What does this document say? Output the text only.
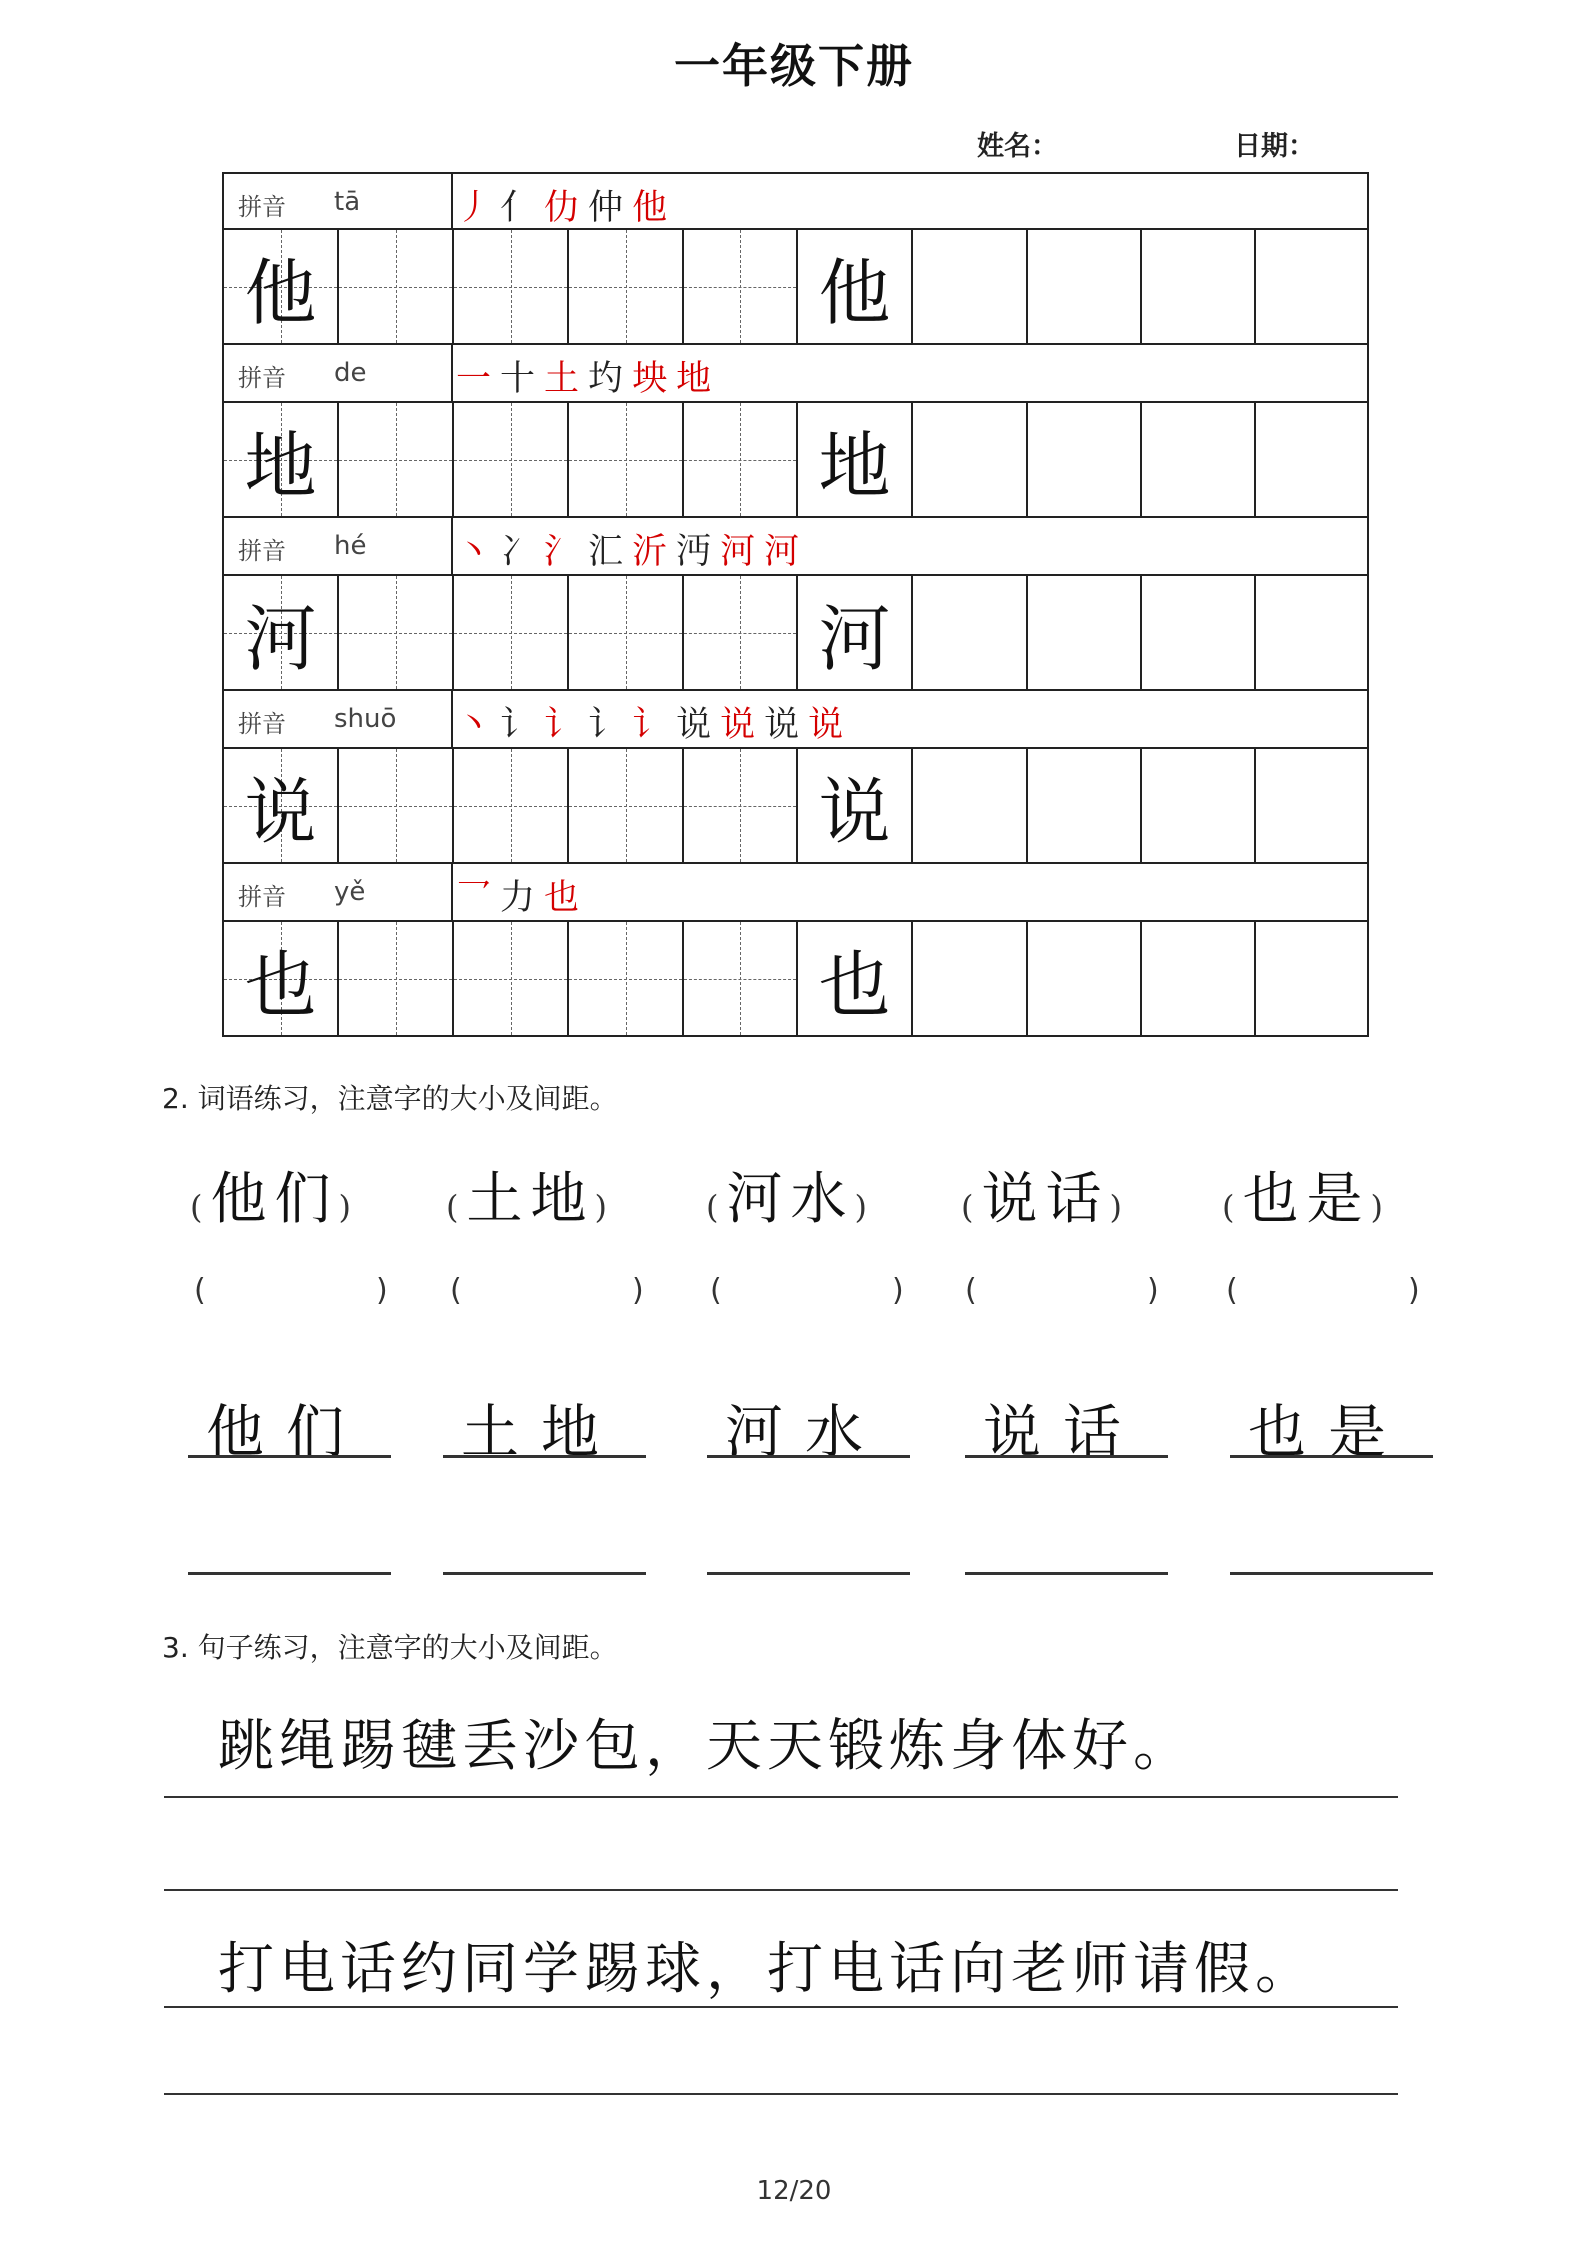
一年级下册
姓名：	日期：
拼音 tā	丿亻仂仲他
他	他
拼音 de	一十土圴坱地
地	地
拼音 hé	丶冫氵汇沂沔河河
河	河
拼音 shuō 丶讠讠讠讠说说说说
说	说
拼音 yě	乛力也
也	也
2. 词语练习，注意字的大小及间距。
(他们)
(	)
他们
(土地)
(	)
土地
(河水)
(	)
河水
(说话)
(	)
说话
(也是)
(	)
也是
3. 句子练习，注意字的大小及间距。
跳绳踢毽丢沙包，天天锻炼身体好。
打电话约同学踢球，打电话向老师请假。
12/20
